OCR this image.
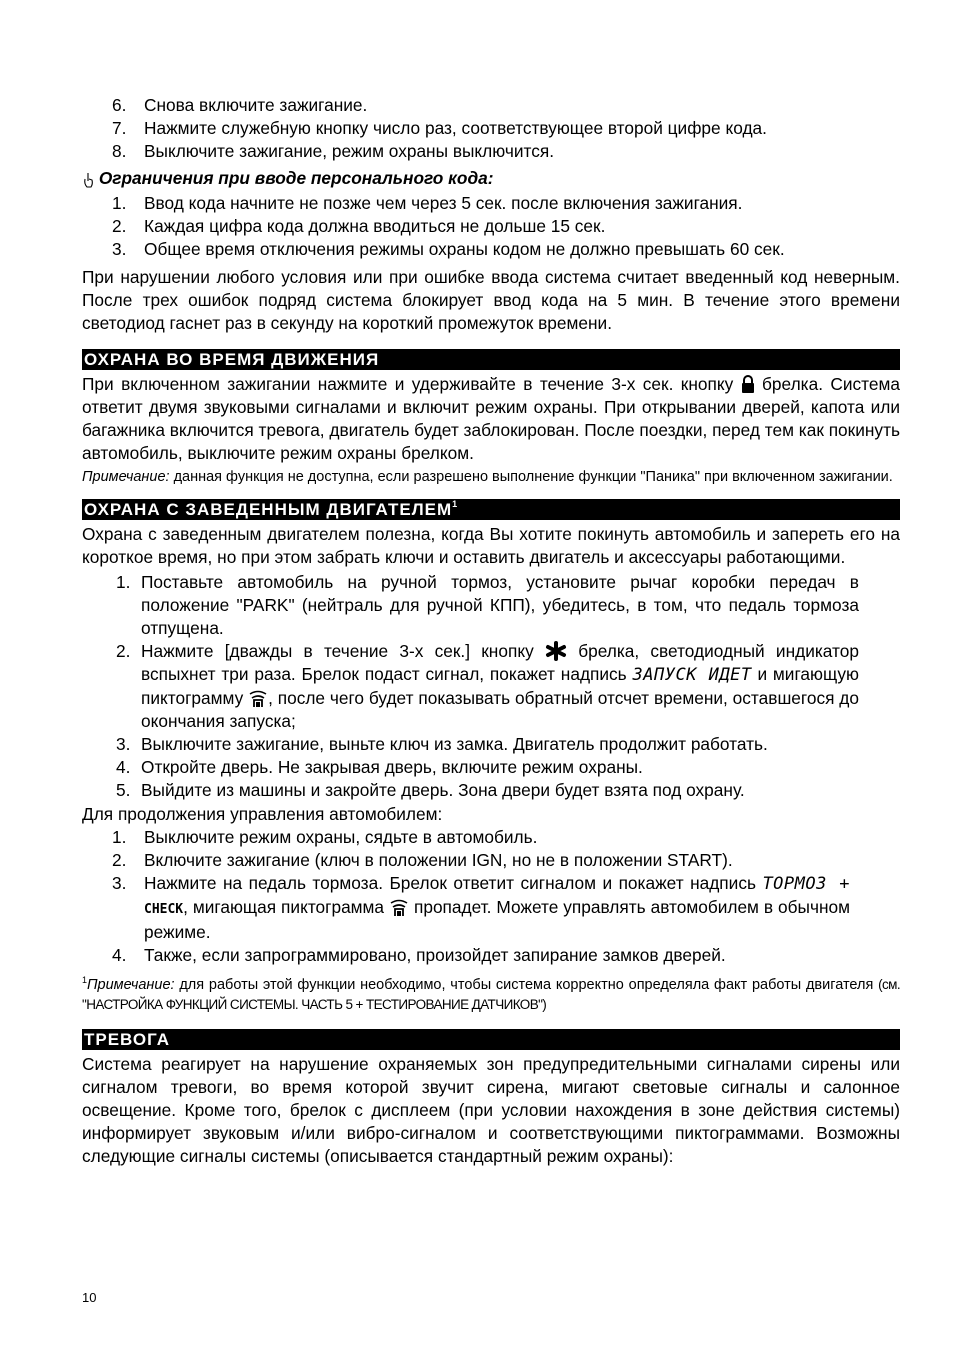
6. Снова включите зажигание.
7. Нажмите служебную кнопку число раз, соответствующее второй цифре кода.
8. Выключите зажигание, режим охраны выключится.
Ограничения при вводе персонального кода:
1. Ввод кода начните не позже чем через 5 сек. после включения зажигания.
2. Каждая цифра кода должна вводиться не дольше 15 сек.
3. Общее время отключения режимы охраны кодом не должно превышать 60 сек.

При нарушении любого условия или при ошибке ввода система считает введенный код неверным. После трех ошибок подряд система блокирует ввод кода на 5 мин. В течение этого времени светодиод гаснет раз в секунду на короткий промежуток времени.

ОХРАНА ВО ВРЕМЯ ДВИЖЕНИЯ

При включенном зажигании нажмите и удерживайте в течение 3-х сек. кнопку брелка. Система ответит двумя звуковыми сигналами и включит режим охраны. При открывании дверей, капота или багажника включится тревога, двигатель будет заблокирован. После поездки, перед тем как покинуть автомобиль, выключите режим охраны брелком.

Примечание: данная функция не доступна, если разрешено выполнение функции "Паника" при включенном зажигании.

ОХРАНА С ЗАВЕДЕННЫМ ДВИГАТЕЛЕМ$^1$

Охрана с заведенным двигателем полезна, когда Вы хотите покинуть автомобиль и запереть его на короткое время, но при этом забрать ключи и оставить двигатель и аксессуары работающими.

1. Поставьте автомобиль на ручной тормоз, установите рычаг коробки передач в положение "PARK" (нейтраль для ручной КПП), убедитесь, в том, что педаль тормоза отпущена.
2. Нажмите [дважды в течение 3-х сек.] кнопку	брелка, светодиодный индикатор вспыхнет три раза. Брелок подаст сигнал, покажет надпись ЗАПУСК ИДЕТ и мигающую пиктограмму , после чего будет показывать обратный отсчет времени, оставшегося до окончания запуска;
3. Выключите зажигание, выньте ключ из замка. Двигатель продолжит работать.
4. Откройте дверь. Не закрывая дверь, включите режим охраны.
5. Выйдите из машины и закройте дверь. Зона двери будет взята под охрану.

Для продолжения управления автомобилем:

1. Выключите режим охраны, сядьте в автомобиль.
2. Включите зажигание (ключ в положении IGN, но не в положении START).
3. Нажмите на педаль тормоза. Брелок ответит сигналом и покажет надпись ТОРМОЗ + CHECK, мигающая пиктограмма пропадет. Можете управлять автомобилем в обычном режиме.
4. Также, если запрограммировано, произойдет запирание замков дверей.

$^1$Примечание: для работы этой функции необходимо, чтобы система корректно определяла факт работы двигателя (см. "НАСТРОЙКА ФУНКЦИЙ СИСТЕМЫ. ЧАСТЬ 5 + ТЕСТИРОВАНИЕ ДАТЧИКОВ")

ТРЕВОГА

Система реагирует на нарушение охраняемых зон предупредительными сигналами сирены или сигналом тревоги, во время которой звучит сирена, мигают световые сигналы и салонное освещение. Кроме того, брелок с дисплеем (при условии нахождения в зоне действия системы) информирует звуковым и/или вибро-сигналом и соответствующими пиктограммами. Возможны следующие сигналы системы (описывается стандартный режим охраны):

10
